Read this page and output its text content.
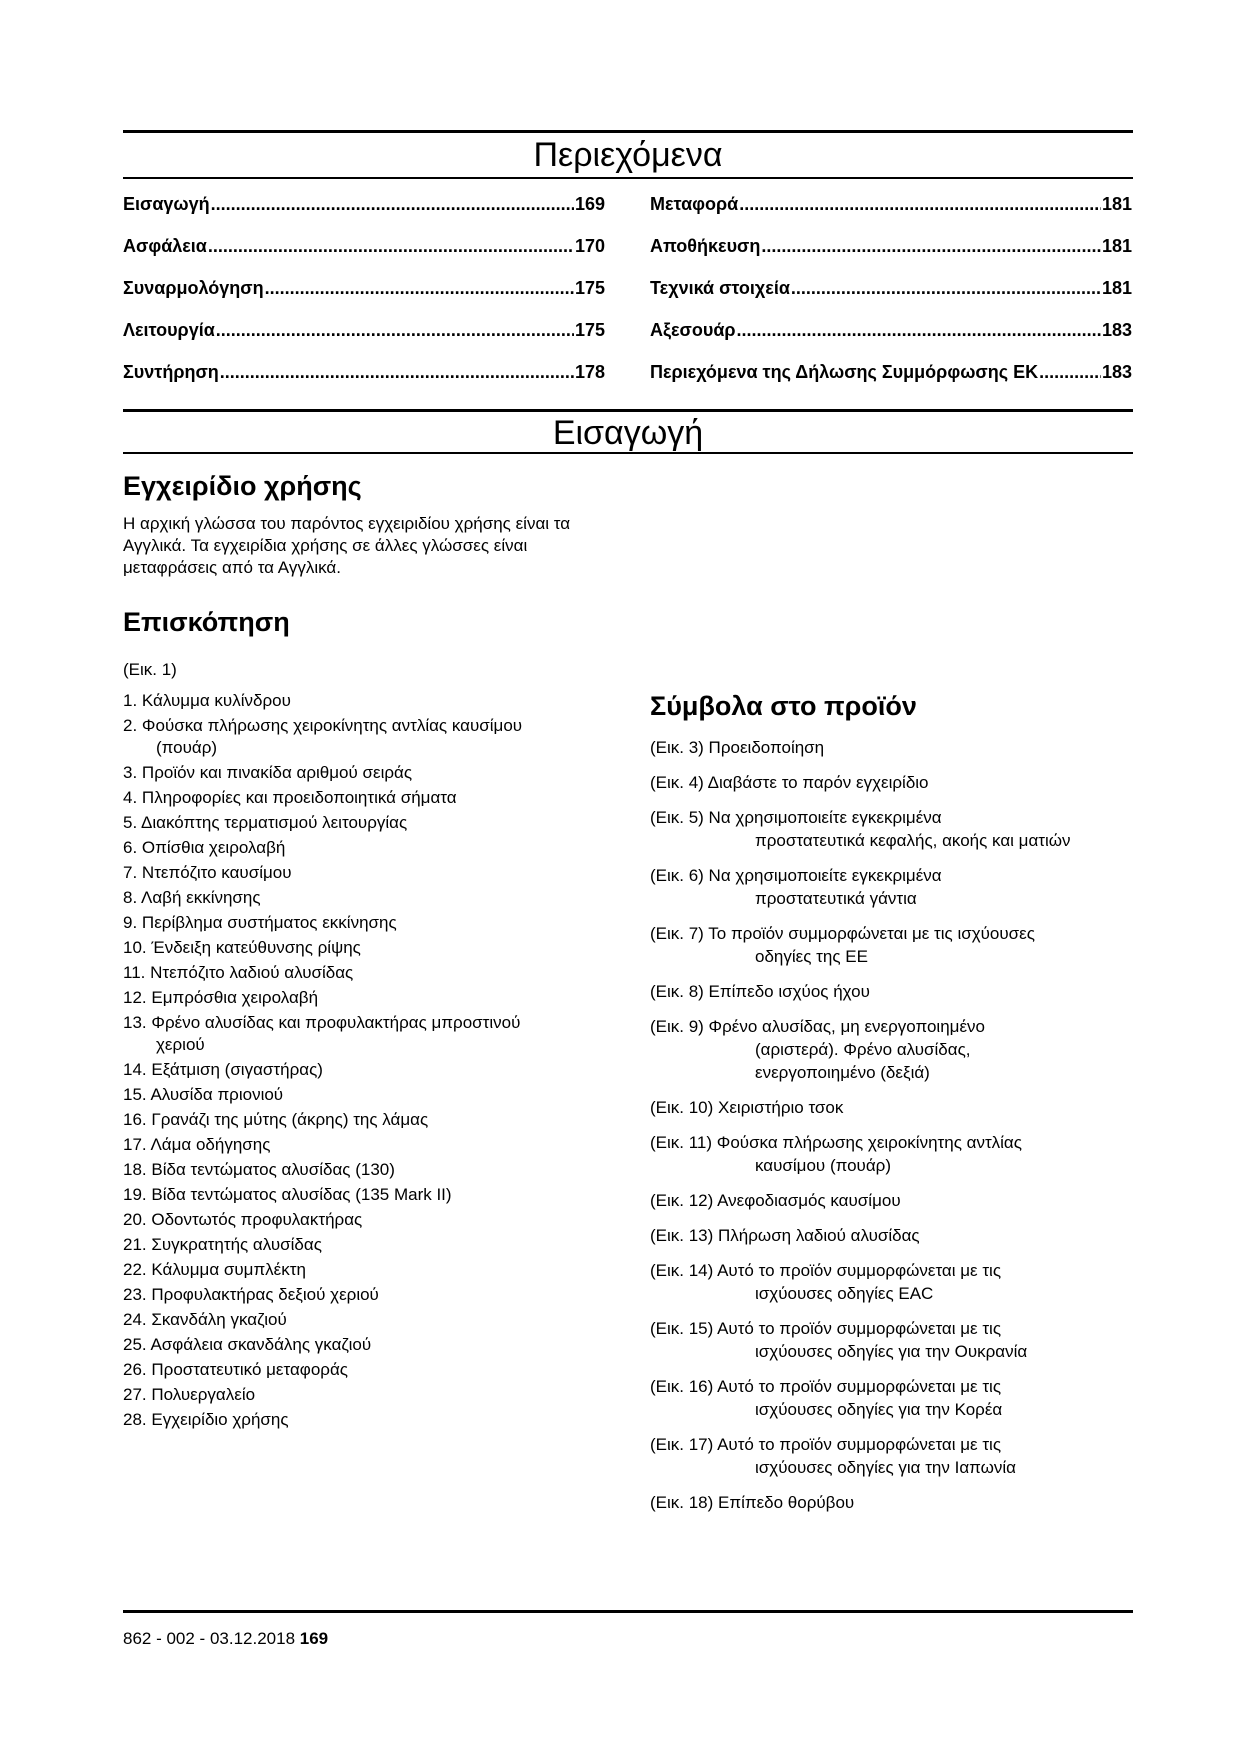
Περιεχόμενα
Εισαγωγή .....	169
Ασφάλεια .....	170
Συναρμολόγηση .....	175
Λειτουργία .....	175
Συντήρηση .....	178
Μεταφορά .....	181
Αποθήκευση .....	181
Τεχνικά στοιχεία .....	181
Αξεσουάρ .....	183
Περιεχόμενα της Δήλωσης Συμμόρφωσης ΕΚ .....	183
Εισαγωγή
Εγχειρίδιο χρήσης
Η αρχική γλώσσα του παρόντος εγχειριδίου χρήσης είναι τα Αγγλικά. Τα εγχειρίδια χρήσης σε άλλες γλώσσες είναι μεταφράσεις από τα Αγγλικά.
Επισκόπηση
(Εικ. 1)
1. Κάλυμμα κυλίνδρου
2. Φούσκα πλήρωσης χειροκίνητης αντλίας καυσίμου
(πουάρ)
3. Προϊόν και πινακίδα αριθμού σειράς
4. Πληροφορίες και προειδοποιητικά σήματα
5. Διακόπτης τερματισμού λειτουργίας
6. Οπίσθια χειρολαβή
7. Ντεπόζιτο καυσίμου
8. Λαβή εκκίνησης
9. Περίβλημα συστήματος εκκίνησης
10. Ένδειξη κατεύθυνσης ρίψης
11. Ντεπόζιτο λαδιού αλυσίδας
12. Εμπρόσθια χειρολαβή
13. Φρένο αλυσίδας και προφυλακτήρας μπροστινού
χεριού
14. Εξάτμιση (σιγαστήρας)
15. Αλυσίδα πριονιού
16. Γρανάζι της μύτης (άκρης) της λάμας
17. Λάμα οδήγησης
18. Βίδα τεντώματος αλυσίδας (130)
19. Βίδα τεντώματος αλυσίδας (135 Mark II)
20. Οδοντωτός προφυλακτήρας
21. Συγκρατητής αλυσίδας
22. Κάλυμμα συμπλέκτη
23. Προφυλακτήρας δεξιού χεριού
24. Σκανδάλη γκαζιού
25. Ασφάλεια σκανδάλης γκαζιού
26. Προστατευτικό μεταφοράς
27. Πολυεργαλείο
28. Εγχειρίδιο χρήσης
Σύμβολα στο προϊόν
(Εικ. 3) Προειδοποίηση
(Εικ. 4) Διαβάστε το παρόν εγχειρίδιο
(Εικ. 5) Να χρησιμοποιείτε εγκεκριμένα
προστατευτικά κεφαλής, ακοής και ματιών
(Εικ. 6) Να χρησιμοποιείτε εγκεκριμένα
προστατευτικά γάντια
(Εικ. 7) Το προϊόν συμμορφώνεται με τις ισχύουσες
οδηγίες της ΕΕ
(Εικ. 8) Επίπεδο ισχύος ήχου
(Εικ. 9) Φρένο αλυσίδας, μη ενεργοποιημένο
(αριστερά). Φρένο αλυσίδας,
ενεργοποιημένο (δεξιά)
(Εικ. 10) Χειριστήριο τσοκ
(Εικ. 11) Φούσκα πλήρωσης χειροκίνητης αντλίας
καυσίμου (πουάρ)
(Εικ. 12) Ανεφοδιασμός καυσίμου
(Εικ. 13) Πλήρωση λαδιού αλυσίδας
(Εικ. 14) Αυτό το προϊόν συμμορφώνεται με τις
ισχύουσες οδηγίες EAC
(Εικ. 15) Αυτό το προϊόν συμμορφώνεται με τις
ισχύουσες οδηγίες για την Ουκρανία
(Εικ. 16) Αυτό το προϊόν συμμορφώνεται με τις
ισχύουσες οδηγίες για την Κορέα
(Εικ. 17) Αυτό το προϊόν συμμορφώνεται με τις
ισχύουσες οδηγίες για την Ιαπωνία
(Εικ. 18) Επίπεδο θορύβου
862 - 002 - 03.12.2018 169
